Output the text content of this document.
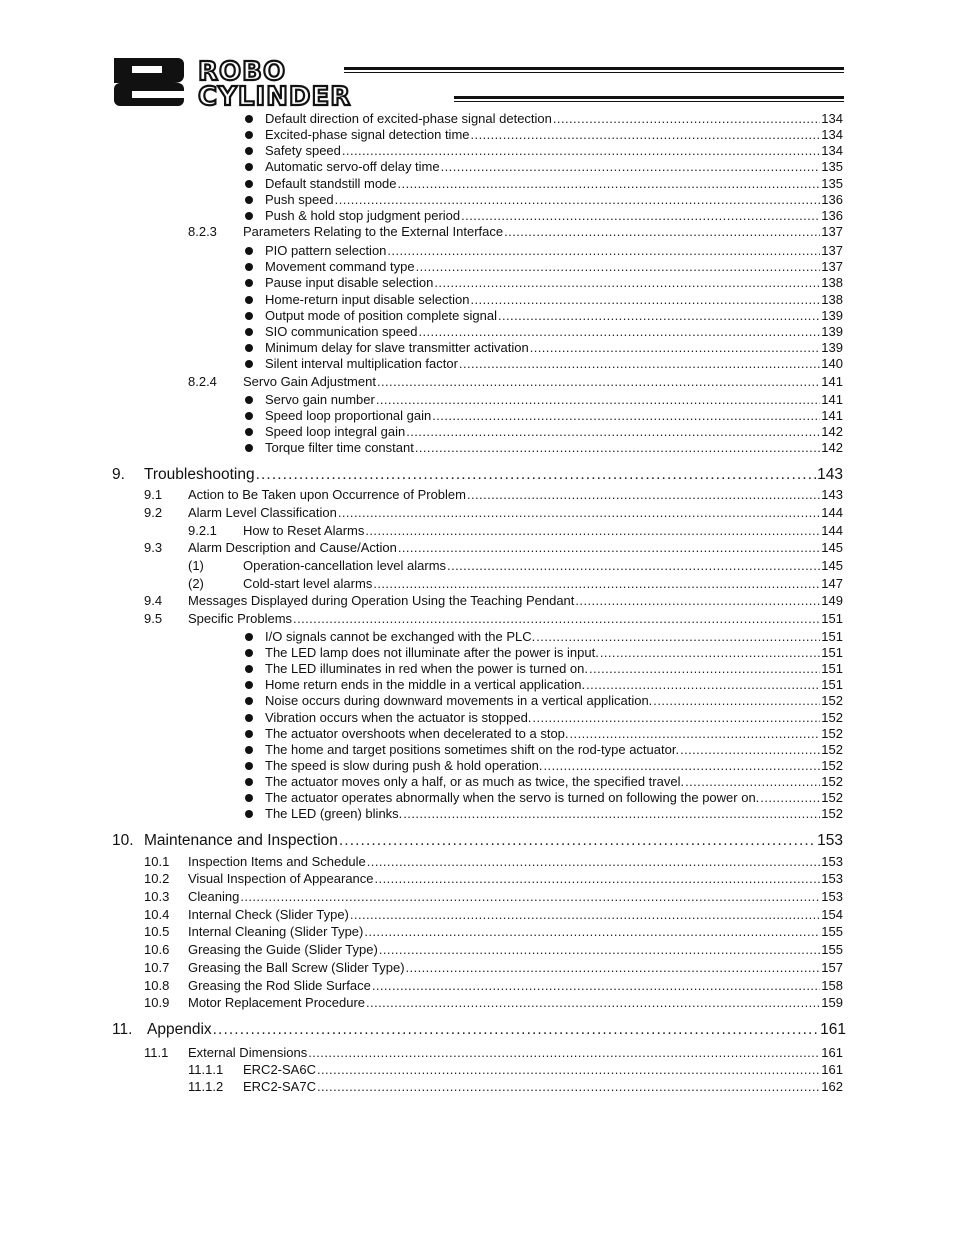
ROBO
CYLINDER
Default direction of excited-phase signal detection . . .	134
Excited-phase signal detection time . . .	134
Safety speed . . .	134
Automatic servo-off delay time . . .	135
Default standstill mode . . .	135
Push speed . . .	136
Push & hold stop judgment period . . .	136
8.2.3 Parameters Relating to the External Interface . . .	137
PIO pattern selection . . .	137
Movement command type . . .	137
Pause input disable selection . . .	138
Home-return input disable selection . . .	138
Output mode of position complete signal . . .	139
SIO communication speed . . .	139
Minimum delay for slave transmitter activation . . .	139
Silent interval multiplication factor . . .	140
8.2.4 Servo Gain Adjustment . . .	141
Servo gain number . . .	141
Speed loop proportional gain . . .	141
Speed loop integral gain . . .	142
Torque filter time constant . . .	142
9. Troubleshooting . . .	143
9.1 Action to Be Taken upon Occurrence of Problem . . .	143
9.2 Alarm Level Classification . . .	144
9.2.1 How to Reset Alarms . . .	144
9.3 Alarm Description and Cause/Action . . .	145
(1)	Operation-cancellation level alarms . . .	145
(2)	Cold-start level alarms . . .	147
9.4 Messages Displayed during Operation Using the Teaching Pendant . . .	149
9.5 Specific Problems . . .	151
I/O signals cannot be exchanged with the PLC. . . .	151
The LED lamp does not illuminate after the power is input. . . .	151
The LED illuminates in red when the power is turned on. . . .	151
Home return ends in the middle in a vertical application. . . .	151
Noise occurs during downward movements in a vertical application. . . .	152
Vibration occurs when the actuator is stopped. . . .	152
The actuator overshoots when decelerated to a stop. . . .	152
The home and target positions sometimes shift on the rod-type actuator. . . .	152
The speed is slow during push & hold operation. . . .	152
The actuator moves only a half, or as much as twice, the specified travel. . . .	152
The actuator operates abnormally when the servo is turned on following the power on. . . .	152
The LED (green) blinks. . . .	152
10. Maintenance and Inspection . . .	153
10.1 Inspection Items and Schedule . . .	153
10.2 Visual Inspection of Appearance . . .	153
10.3 Cleaning . . .	153
10.4 Internal Check (Slider Type) . . .	154
10.5 Internal Cleaning (Slider Type) . . .	155
10.6 Greasing the Guide (Slider Type) . . .	155
10.7 Greasing the Ball Screw (Slider Type) . . .	157
10.8 Greasing the Rod Slide Surface . . .	158
10.9 Motor Replacement Procedure . . .	159
11. Appendix . . .	161
11.1 External Dimensions . . .	161
11.1.1 ERC2-SA6C . . .	161
11.1.2 ERC2-SA7C . . .	162
